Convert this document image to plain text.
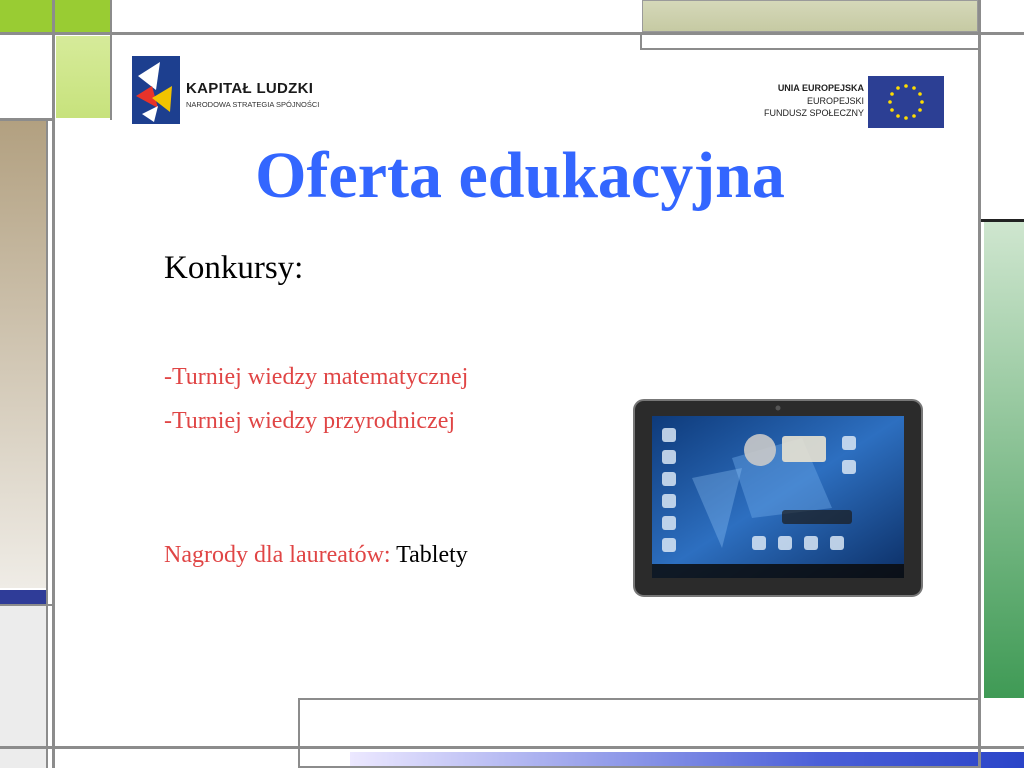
KAPITAŁ LUDZKI
NARODOWA STRATEGIA SPÓJNOŚCI
UNIA EUROPEJSKA
EUROPEJSKI
FUNDUSZ SPOŁECZNY
Oferta edukacyjna
Konkursy:
-Turniej wiedzy matematycznej
-Turniej wiedzy przyrodniczej
Nagrody dla laureatów: Tablety
